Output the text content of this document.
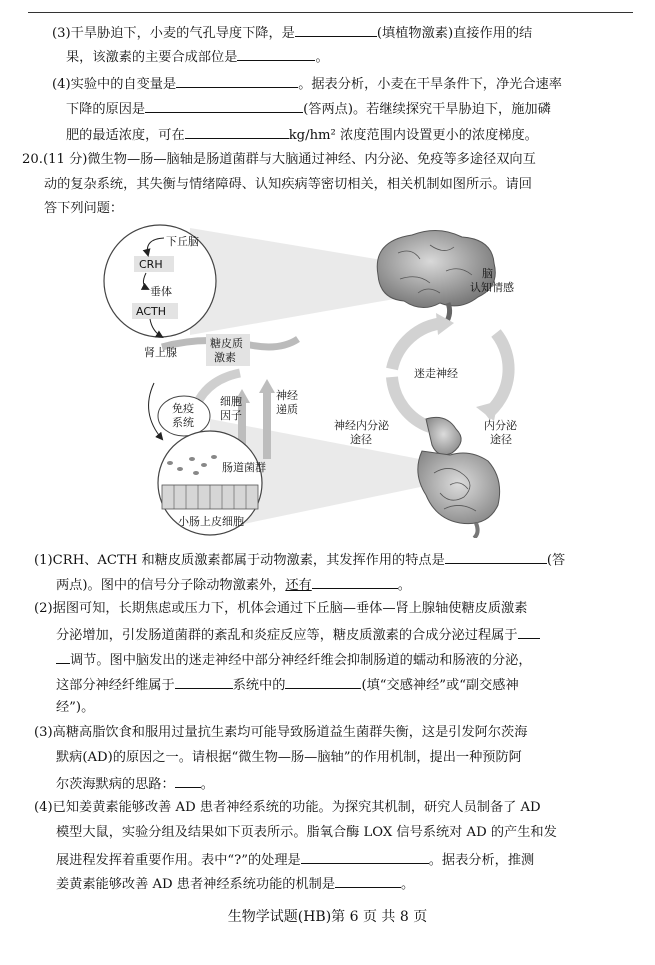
(3)干旱胁迫下，小麦的气孔导度下降，是	(填植物激素)直接作用的结
果，该激素的主要合成部位是	。
(4)实验中的自变量是	。据表分析，小麦在干旱条件下，净光合速率
下降的原因是	(答两点)。若继续探究干旱胁迫下，施加磷
肥的最适浓度，可在	kg/hm² 浓度范围内设置更小的浓度梯度。
20.(11 分)微生物—肠—脑轴是肠道菌群与大脑通过神经、内分泌、免疫等多途径双向互
动的复杂系统，其失衡与情绪障碍、认知疾病等密切相关，相关机制如图所示。请回
答下列问题：
下丘脑
CRH
垂体
ACTH
肾上腺
糖皮质
激素
免疫
系统
细胞
因子
神经
递质
肠道菌群
小肠上皮细胞
脑
认知情感
迷走神经
神经内分泌
途径
内分泌
途径
(1)CRH、ACTH 和糖皮质激素都属于动物激素，其发挥作用的特点是	(答
两点)。图中的信号分子除动物激素外，还有	。
(2)据图可知，长期焦虑或压力下，机体会通过下丘脑—垂体—肾上腺轴使糖皮质激素
分泌增加，引发肠道菌群的紊乱和炎症反应等，糖皮质激素的合成分泌过程属于
调节。图中脑发出的迷走神经中部分神经纤维会抑制肠道的蠕动和肠液的分泌，
这部分神经纤维属于	系统中的	(填“交感神经”或“副交感神
经”)。
(3)高糖高脂饮食和服用过量抗生素均可能导致肠道益生菌群失衡，这是引发阿尔茨海
默病(AD)的原因之一。请根据“微生物—肠—脑轴”的作用机制，提出一种预防阿
尔茨海默病的思路： 。
(4)已知姜黄素能够改善 AD 患者神经系统的功能。为探究其机制，研究人员制备了 AD
模型大鼠，实验分组及结果如下页表所示。脂氧合酶 LOX 信号系统对 AD 的产生和发
展进程发挥着重要作用。表中“?”的处理是	。据表分析，推测
姜黄素能够改善 AD 患者神经系统功能的机制是	。
生物学试题(HB)第 6 页 共 8 页
